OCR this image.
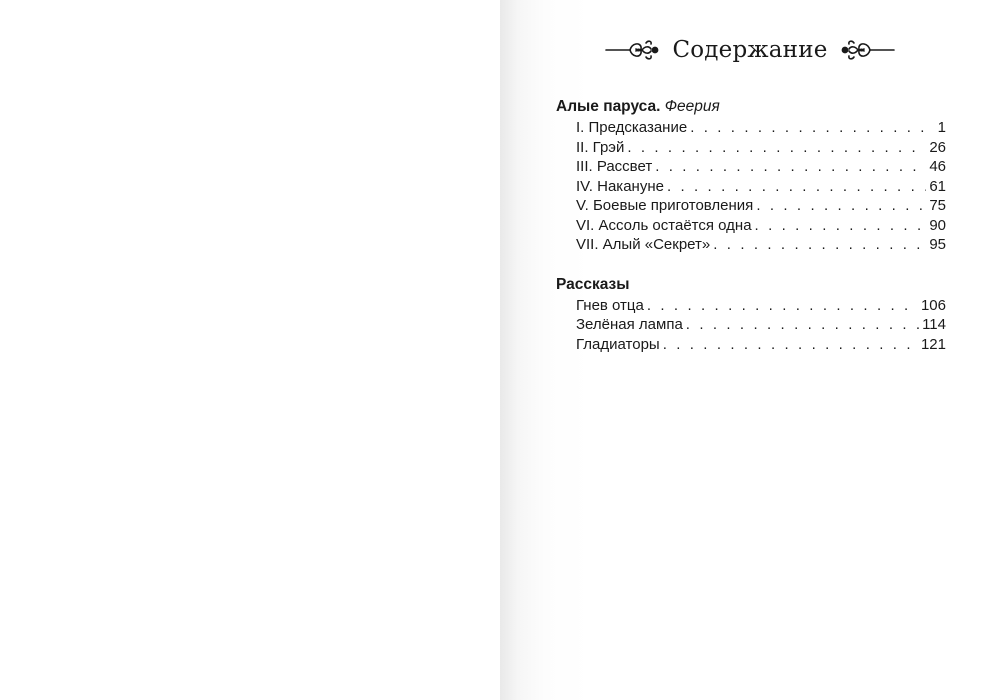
Содержание
Алые паруса. Феерия
I. Предсказание . . .	1
II. Грэй . . .	26
III. Рассвет . . .	46
IV. Накануне . . .	61
V. Боевые приготовления . . .	75
VI. Ассоль остаётся одна . . .	90
VII. Алый «Секрет» . . .	95
Рассказы
Гнев отца . . .	106
Зелёная лампа . . .	114
Гладиаторы . . .	121
